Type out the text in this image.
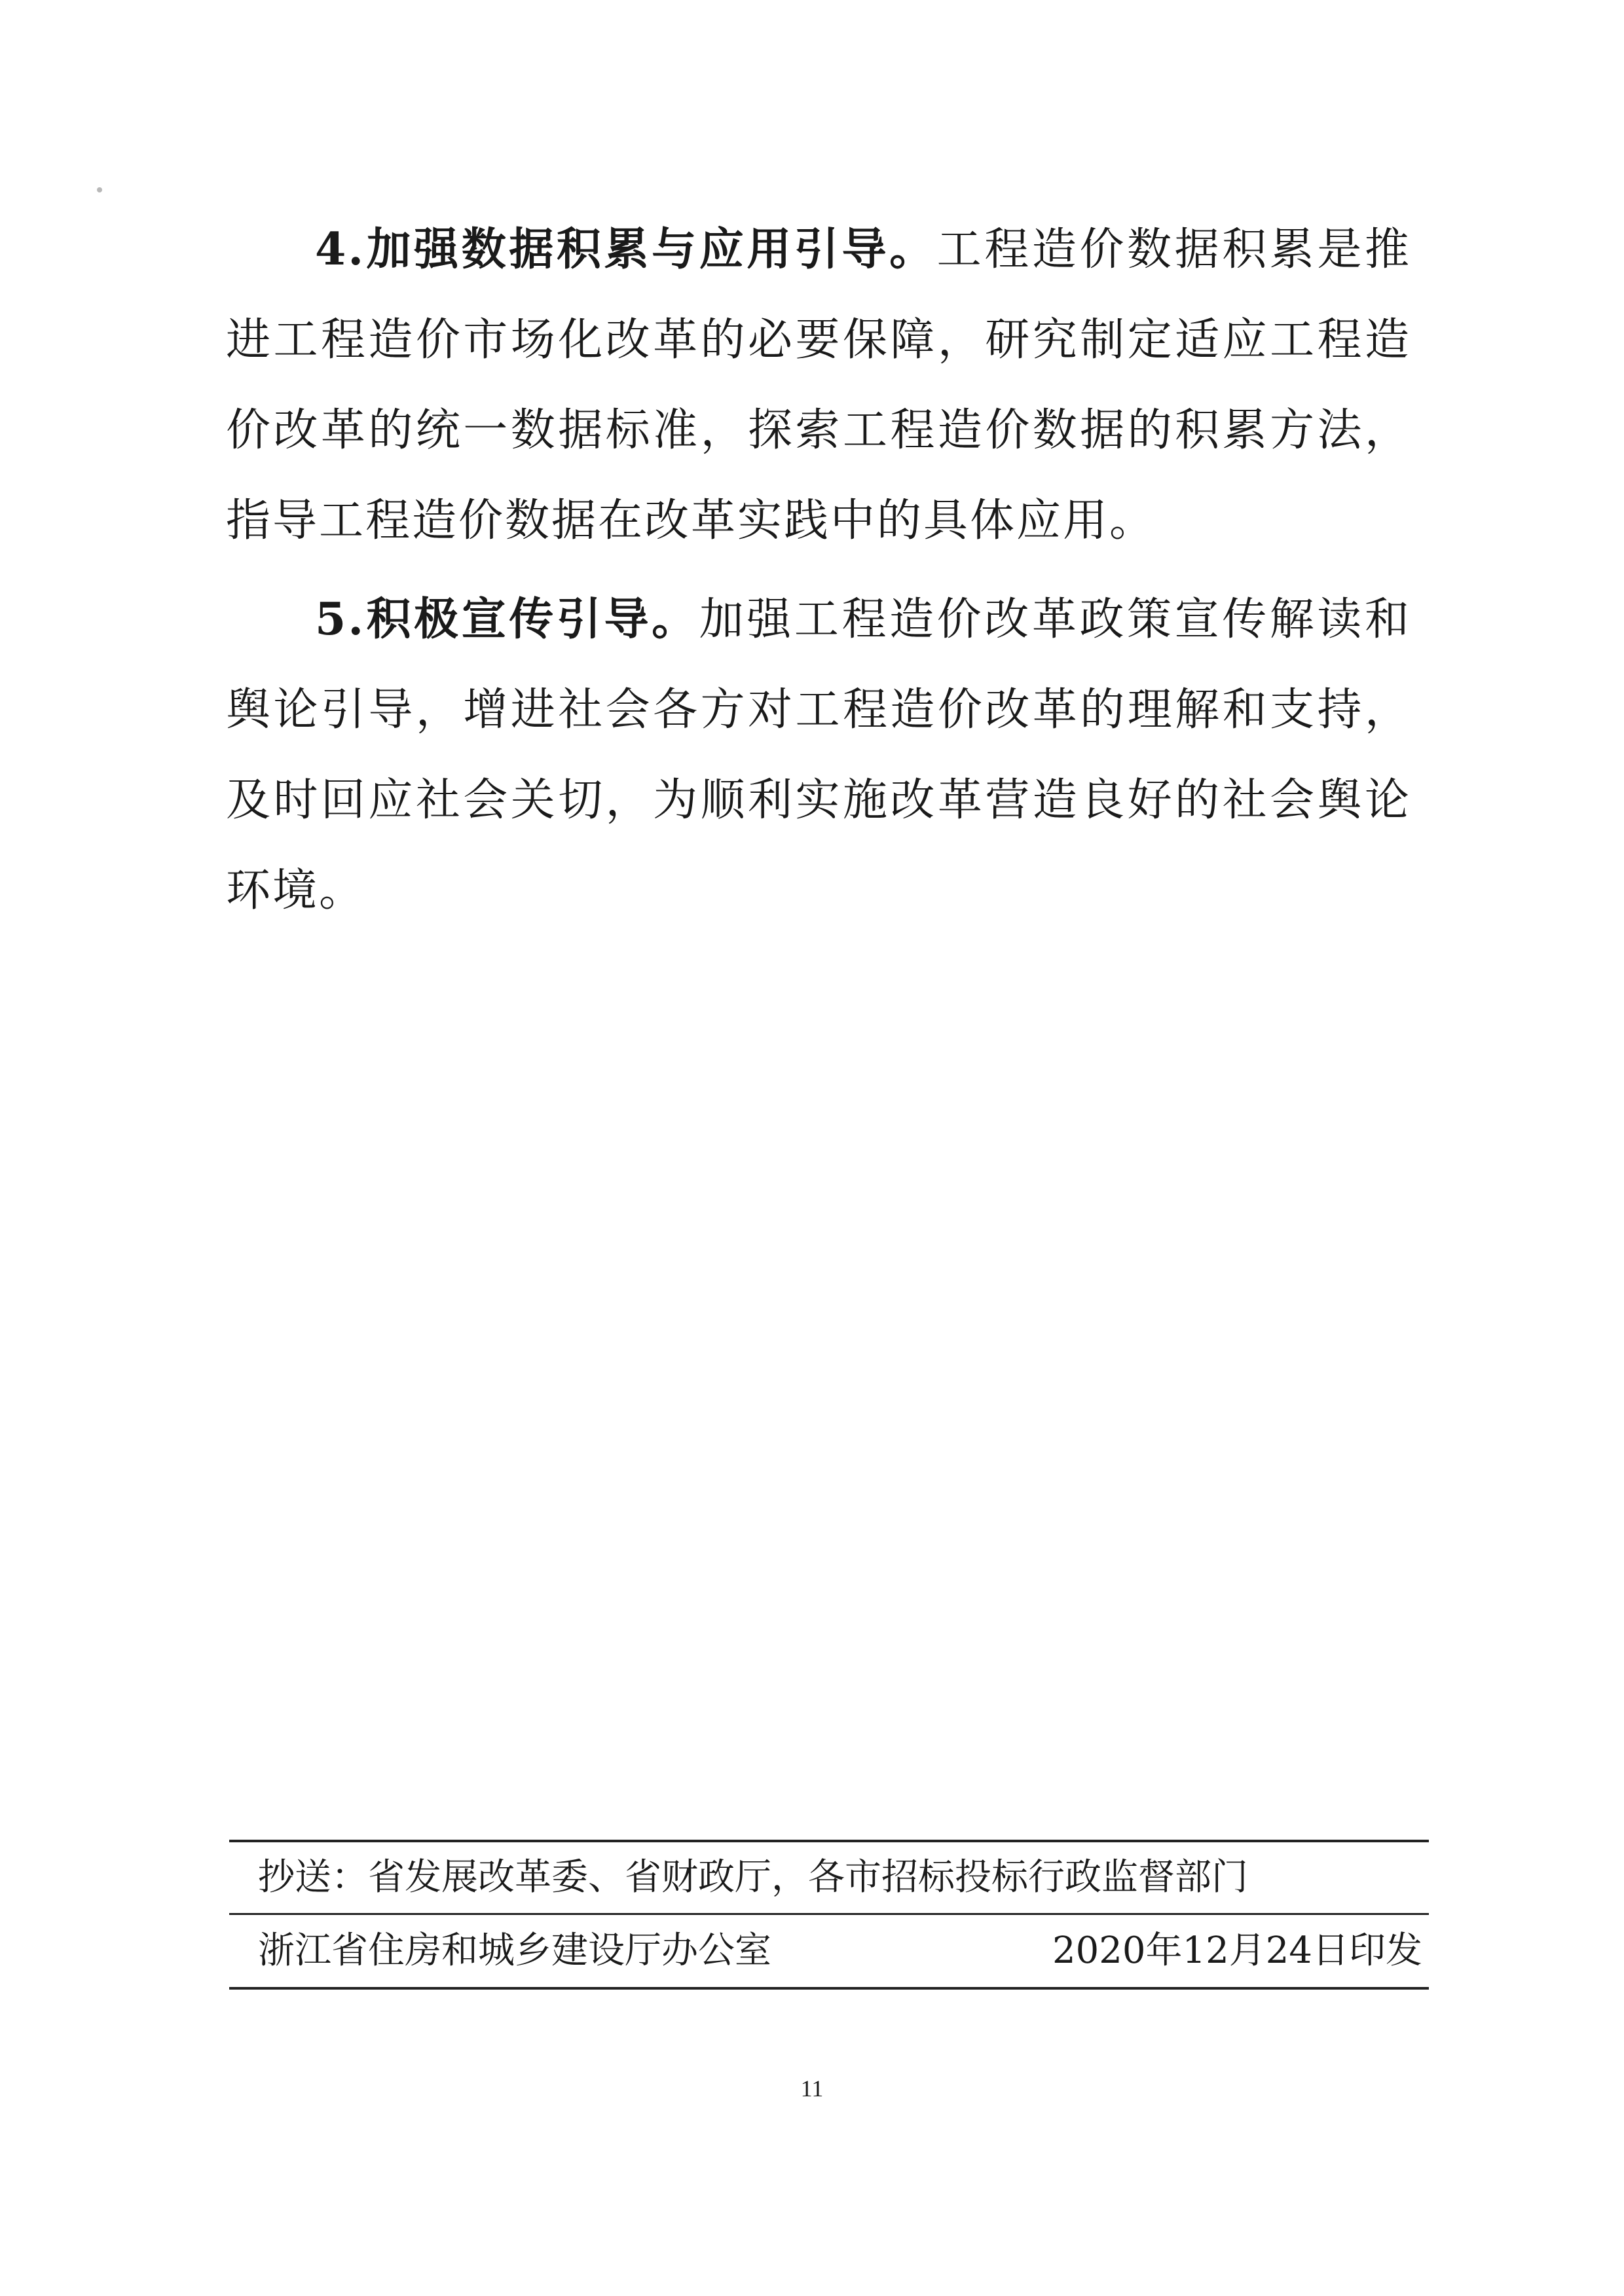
4.加强数据积累与应用引导。工程造价数据积累是推进工程造价市场化改革的必要保障，研究制定适应工程造价改革的统一数据标准，探索工程造价数据的积累方法，指导工程造价数据在改革实践中的具体应用。

5.积极宣传引导。加强工程造价改革政策宣传解读和舆论引导，增进社会各方对工程造价改革的理解和支持，及时回应社会关切，为顺利实施改革营造良好的社会舆论环境。

抄送：省发展改革委、省财政厅，各市招标投标行政监督部门
浙江省住房和城乡建设厅办公室	2020年12月24日印发
11
